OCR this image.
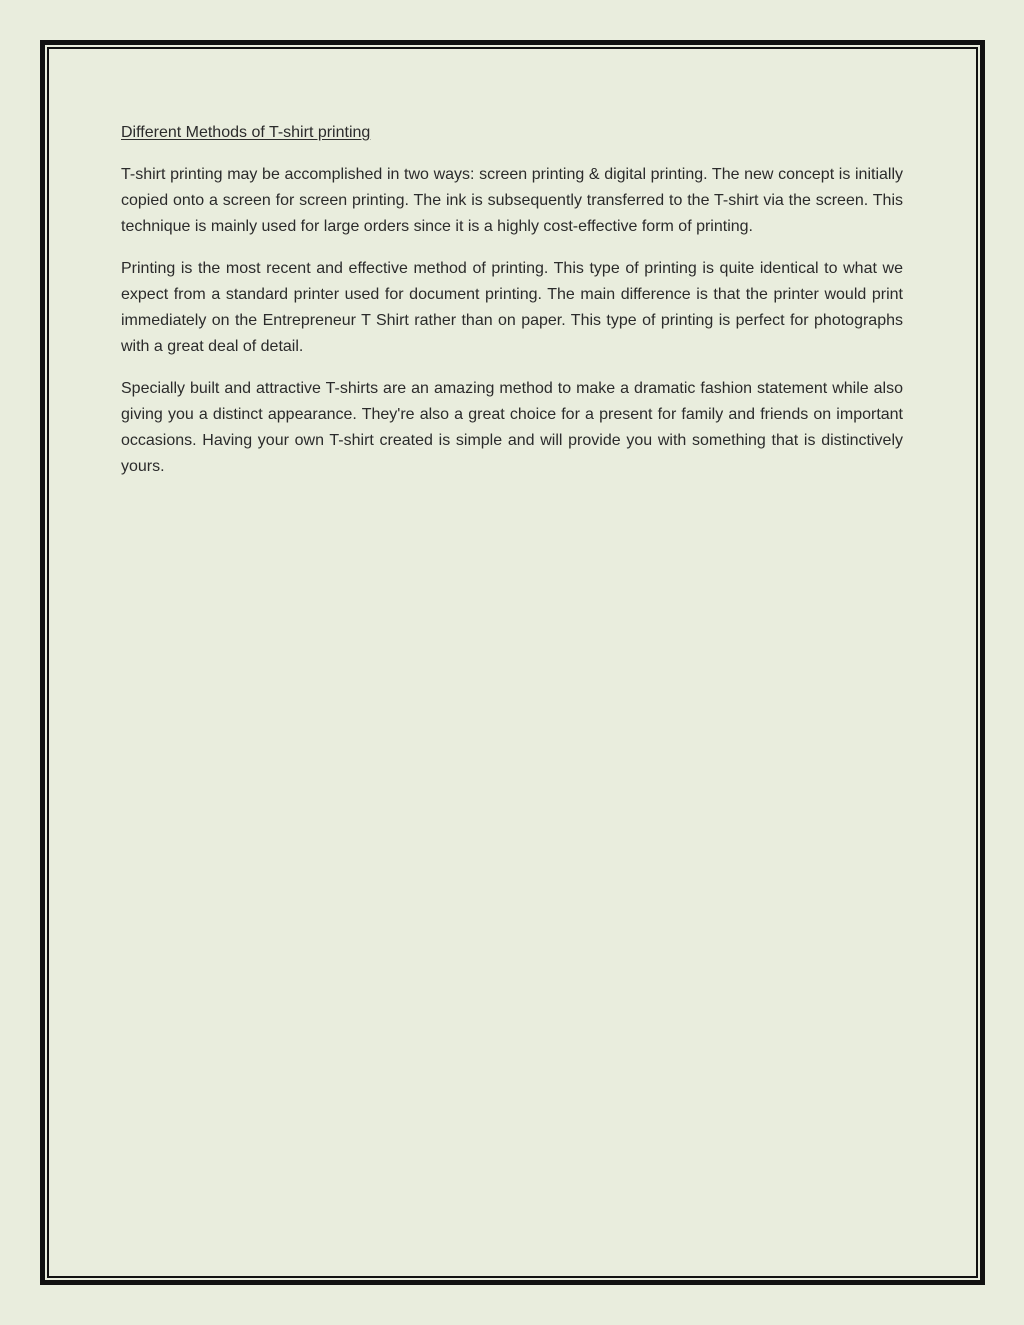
Different Methods of T-shirt printing

T-shirt printing may be accomplished in two ways: screen printing & digital printing. The new concept is initially copied onto a screen for screen printing. The ink is subsequently transferred to the T-shirt via the screen. This technique is mainly used for large orders since it is a highly cost-effective form of printing.

Printing is the most recent and effective method of printing. This type of printing is quite identical to what we expect from a standard printer used for document printing. The main difference is that the printer would print immediately on the Entrepreneur T Shirt rather than on paper. This type of printing is perfect for photographs with a great deal of detail.

Specially built and attractive T-shirts are an amazing method to make a dramatic fashion statement while also giving you a distinct appearance. They're also a great choice for a present for family and friends on important occasions. Having your own T-shirt created is simple and will provide you with something that is distinctively yours.
